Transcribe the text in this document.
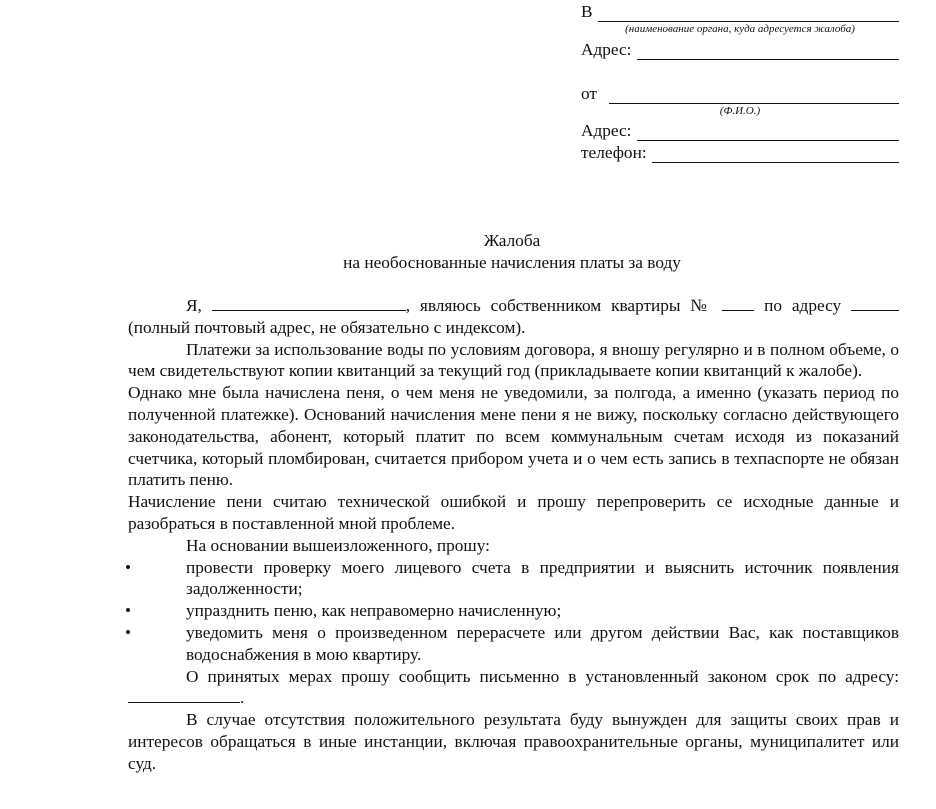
В
(наименование органа, куда адресуется жалоба)
Адрес:
от
(Ф.И.О.)
Адрес:
телефон:
Жалоба
на необоснованные начисления платы за воду

Я,	, являюсь собственником квартиры №	по адресу

(полный почтовый адрес, не обязательно с индексом).

Платежи за использование воды по условиям договора, я вношу регулярно и в полном объеме, о чем свидетельствуют копии квитанций за текущий год (прикладываете копии квитанций к жалобе).

Однако мне была начислена пеня, о чем меня не уведомили, за полгода, а именно (указать период по полученной платежке). Оснований начисления мене пени я не вижу, поскольку согласно действующего законодательства, абонент, который платит по всем коммунальным счетам исходя из показаний счетчика, который пломбирован, считается прибором учета и о чем есть запись в техпаспорте не обязан платить пеню.

Начисление пени считаю технической ошибкой и прошу перепроверить се исходные данные и разобраться в поставленной мной проблеме.

На основании вышеизложенного, прошу:

•	провести проверку моего лицевого счета в предприятии и выяснить источник появления задолженности;
•	упразднить пеню, как неправомерно начисленную;
•	уведомить меня о произведенном перерасчете или другом действии Вас, как поставщиков водоснабжения в мою квартиру.

О принятых мерах прошу сообщить письменно в установленный законом срок по адресу: .

В случае отсутствия положительного результата буду вынужден для защиты своих прав и интересов обращаться в иные инстанции, включая правоохранительные органы, муниципалитет или суд.
